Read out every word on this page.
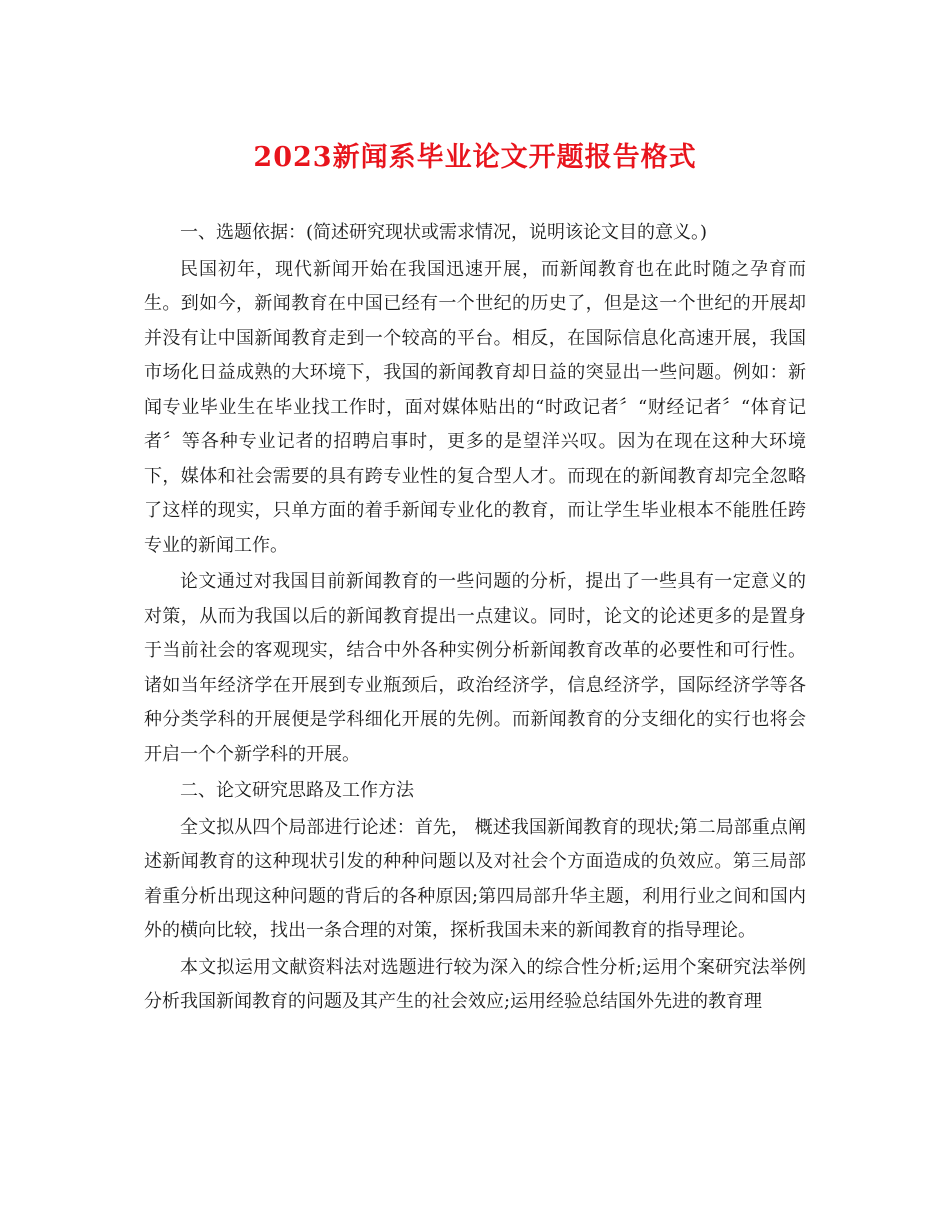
2023新闻系毕业论文开题报告格式

一、选题依据：(简述研究现状或需求情况，说明该论文目的意义。)

民国初年，现代新闻开始在我国迅速开展，而新闻教育也在此时随之孕育而生。到如今，新闻教育在中国已经有一个世纪的历史了，但是这一个世纪的开展却并没有让中国新闻教育走到一个较高的平台。相反，在国际信息化高速开展，我国市场化日益成熟的大环境下，我国的新闻教育却日益的突显出一些问题。例如：新闻专业毕业生在毕业找工作时，面对媒体贴出的“时政记者〞“财经记者〞“体育记者〞等各种专业记者的招聘启事时，更多的是望洋兴叹。因为在现在这种大环境下，媒体和社会需要的具有跨专业性的复合型人才。而现在的新闻教育却完全忽略了这样的现实，只单方面的着手新闻专业化的教育，而让学生毕业根本不能胜任跨专业的新闻工作。

论文通过对我国目前新闻教育的一些问题的分析，提出了一些具有一定意义的对策，从而为我国以后的新闻教育提出一点建议。同时，论文的论述更多的是置身于当前社会的客观现实，结合中外各种实例分析新闻教育改革的必要性和可行性。诸如当年经济学在开展到专业瓶颈后，政治经济学，信息经济学，国际经济学等各种分类学科的开展便是学科细化开展的先例。而新闻教育的分支细化的实行也将会开启一个个新学科的开展。

二、论文研究思路及工作方法

全文拟从四个局部进行论述：首先， 概述我国新闻教育的现状;第二局部重点阐述新闻教育的这种现状引发的种种问题以及对社会个方面造成的负效应。第三局部着重分析出现这种问题的背后的各种原因;第四局部升华主题，利用行业之间和国内外的横向比较，找出一条合理的对策，探析我国未来的新闻教育的指导理论。

本文拟运用文献资料法对选题进行较为深入的综合性分析;运用个案研究法举例分析我国新闻教育的问题及其产生的社会效应;运用经验总结国外先进的教育理
